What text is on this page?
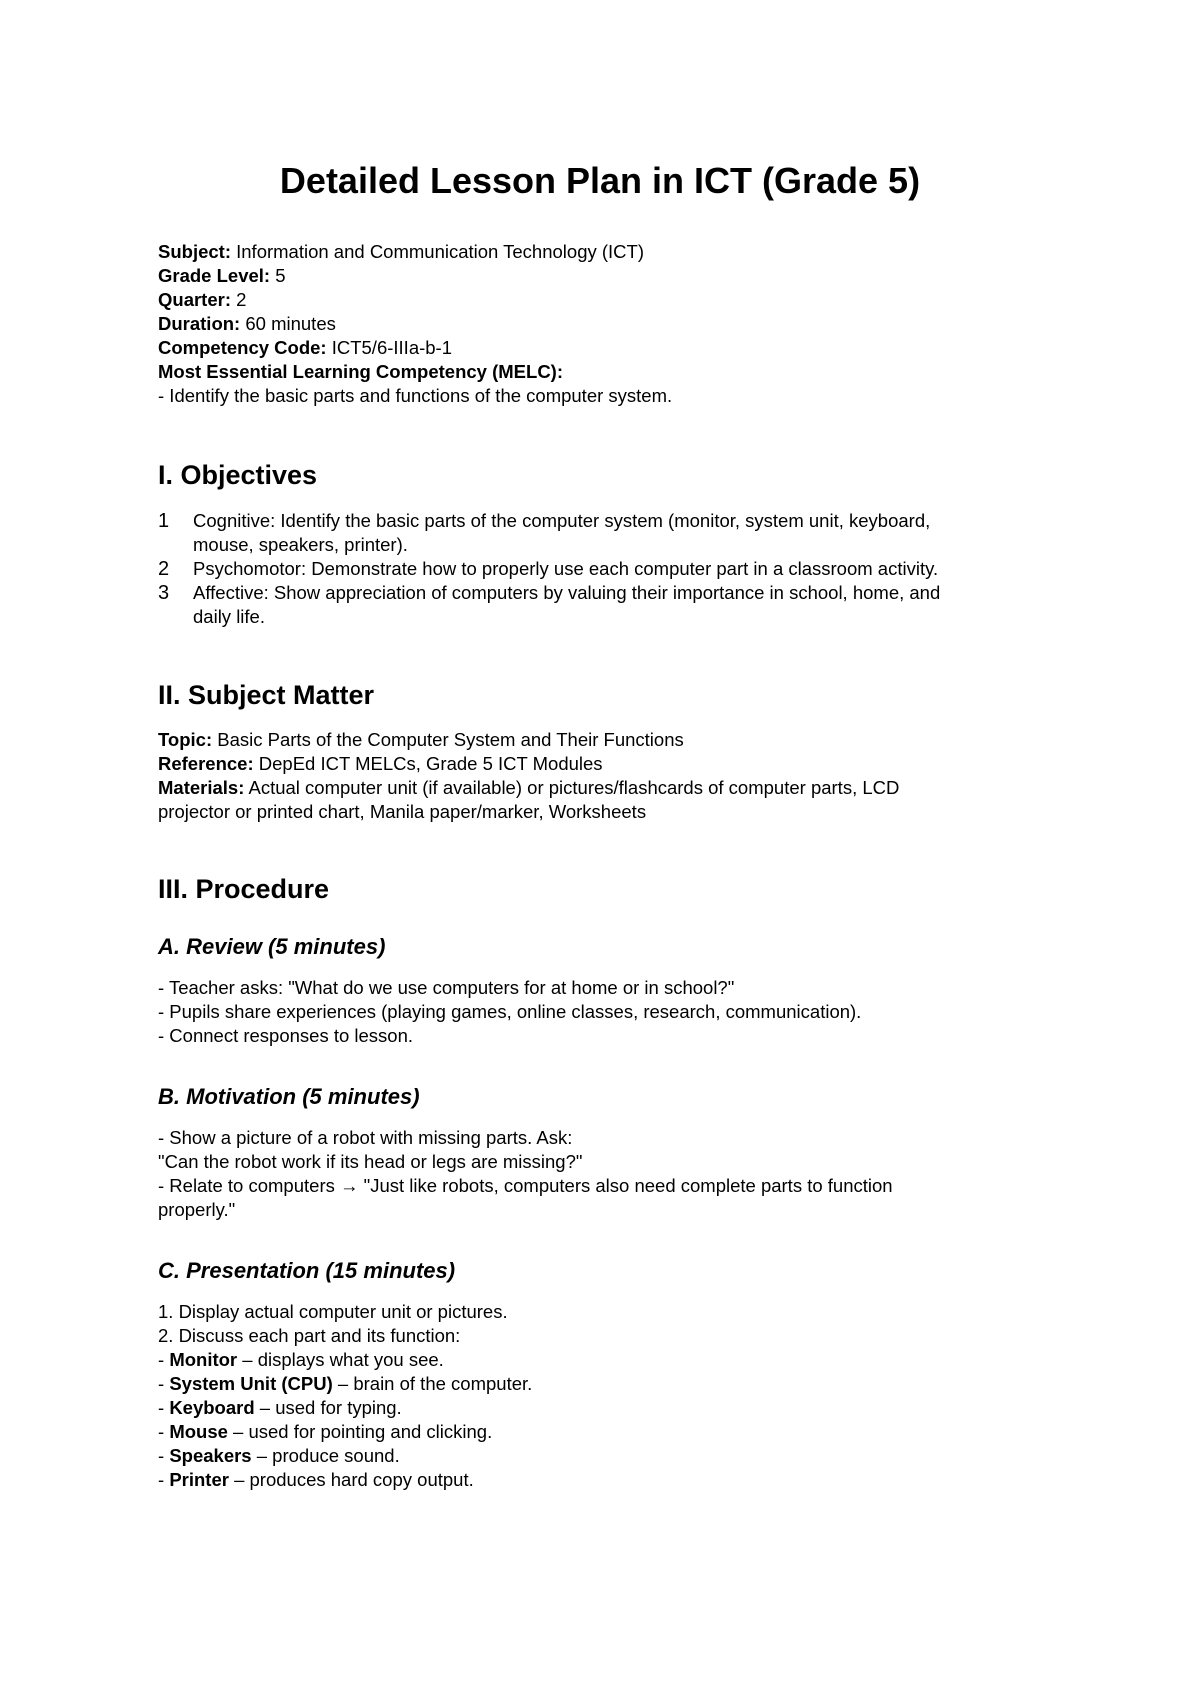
Detailed Lesson Plan in ICT (Grade 5)
Subject: Information and Communication Technology (ICT)
Grade Level: 5
Quarter: 2
Duration: 60 minutes
Competency Code: ICT5/6-IIIa-b-1
Most Essential Learning Competency (MELC):
- Identify the basic parts and functions of the computer system.
I. Objectives
1 Cognitive: Identify the basic parts of the computer system (monitor, system unit, keyboard,
mouse, speakers, printer).
2 Psychomotor: Demonstrate how to properly use each computer part in a classroom activity.
3 Affective: Show appreciation of computers by valuing their importance in school, home, and
daily life.
II. Subject Matter
Topic: Basic Parts of the Computer System and Their Functions
Reference: DepEd ICT MELCs, Grade 5 ICT Modules
Materials: Actual computer unit (if available) or pictures/flashcards of computer parts, LCD
projector or printed chart, Manila paper/marker, Worksheets
III. Procedure
A. Review (5 minutes)
- Teacher asks: "What do we use computers for at home or in school?"
- Pupils share experiences (playing games, online classes, research, communication).
- Connect responses to lesson.
B. Motivation (5 minutes)
- Show a picture of a robot with missing parts. Ask:
"Can the robot work if its head or legs are missing?"
- Relate to computers → "Just like robots, computers also need complete parts to function
properly."
C. Presentation (15 minutes)
1. Display actual computer unit or pictures.
2. Discuss each part and its function:
- Monitor – displays what you see.
- System Unit (CPU) – brain of the computer.
- Keyboard – used for typing.
- Mouse – used for pointing and clicking.
- Speakers – produce sound.
- Printer – produces hard copy output.
